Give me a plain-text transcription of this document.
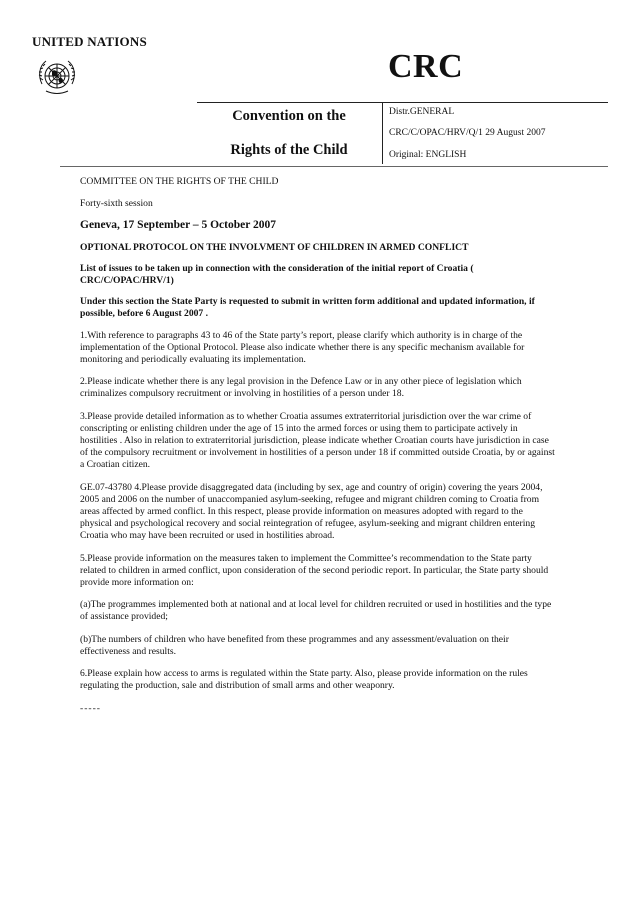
UNITED NATIONS
CRC
Convention on the
Rights of the Child
Distr.GENERAL
CRC/C/OPAC/HRV/Q/1 29 August 2007
Original: ENGLISH

COMMITTEE ON THE RIGHTS OF THE CHILD

Forty-sixth session

Geneva, 17 September – 5 October 2007

OPTIONAL PROTOCOL ON THE INVOLVMENT OF CHILDREN IN ARMED CONFLICT

List of issues to be taken up in connection with the consideration of the initial report of Croatia ( CRC/C/OPAC/HRV/1)

Under this section the State Party is requested to submit in written form additional and updated information, if possible, before 6 August 2007 .

1.With reference to paragraphs 43 to 46 of the State party’s report, please clarify which authority is in charge of the implementation of the Optional Protocol. Please also indicate whether there is any specific mechanism available for monitoring and periodically evaluating its implementation.

2.Please indicate whether there is any legal provision in the Defence Law or in any other piece of legislation which criminalizes compulsory recruitment or involving in hostilities of a person under 18.

3.Please provide detailed information as to whether Croatia assumes extraterritorial jurisdiction over the war crime of conscripting or enlisting children under the age of 15 into the armed forces or using them to participate actively in hostilities . Also in relation to extraterritorial jurisdiction, please indicate whether Croatian courts have jurisdiction in case of the compulsory recruitment or involvement in hostilities of a person under 18 if committed outside Croatia, by or against a Croatian citizen.

GE.07-43780 4.Please provide disaggregated data (including by sex, age and country of origin) covering the years 2004, 2005 and 2006 on the number of unaccompanied asylum-seeking, refugee and migrant children coming to Croatia from areas affected by armed conflict. In this respect, please provide information on measures adopted with regard to the physical and psychological recovery and social reintegration of refugee, asylum-seeking and migrant children entering Croatia who may have been recruited or used in hostilities abroad.

5.Please provide information on the measures taken to implement the Committee’s recommendation to the State party related to children in armed conflict, upon consideration of the second periodic report. In particular, the State party should provide more information on:

(a)The programmes implemented both at national and at local level for children recruited or used in hostilities and the type of assistance provided;

(b)The numbers of children who have benefited from these programmes and any assessment/evaluation on their effectiveness and results.

6.Please explain how access to arms is regulated within the State party. Also, please provide information on the rules regulating the production, sale and distribution of small arms and other weaponry.

-----
